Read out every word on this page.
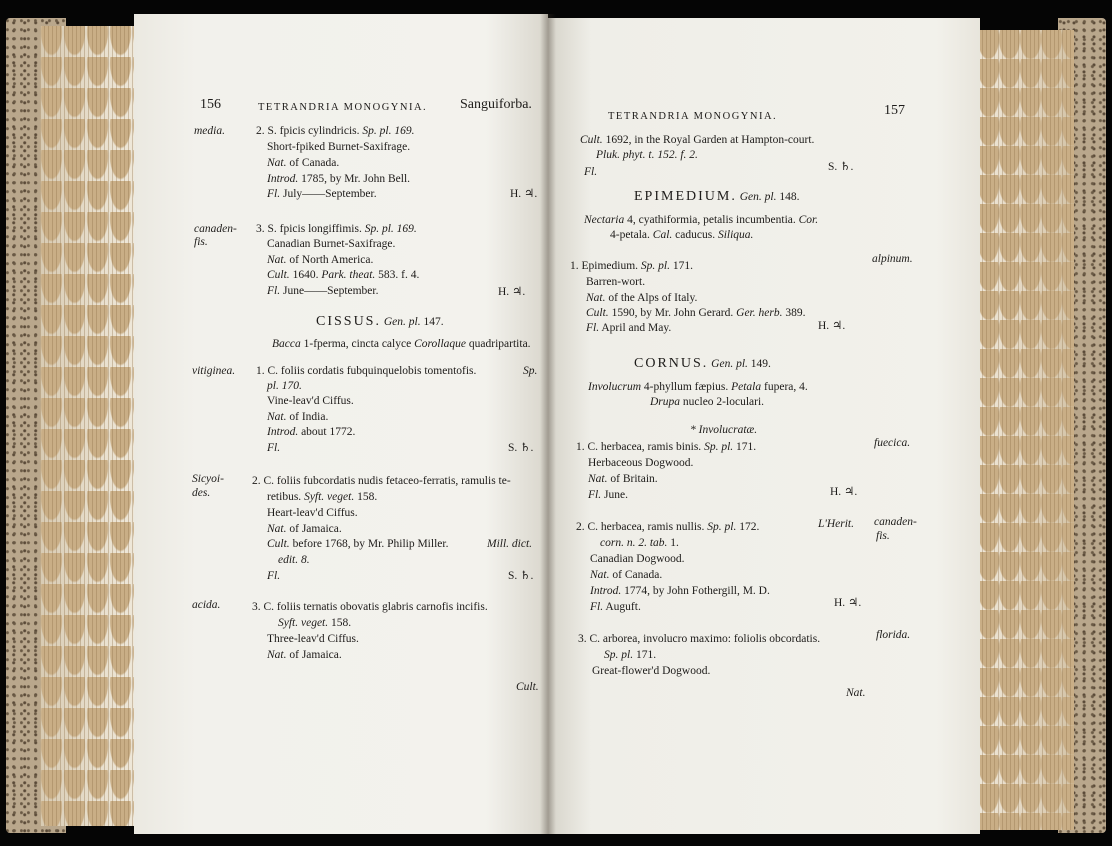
156	TETRANDRIA MONOGYNIA. Sanguiforba.
media.	2. S. fpicis cylindricis. Sp. pl. 169.
Short-fpiked Burnet-Saxifrage.
Nat. of Canada.
Introd. 1785, by Mr. John Bell.
Fl. July——September.	H. ♃.
canaden-
fis.
3. S. fpicis longiffimis. Sp. pl. 169.
Canadian Burnet-Saxifrage.
Nat. of North America.
Cult. 1640. Park. theat. 583. f. 4.
Fl. June——September.	H. ♃.
CISSUS. Gen. pl. 147.
Bacca 1-fperma, cincta calyce Corollaque quadripartita.
vitiginea. 1. C. foliis cordatis fubquinquelobis tomentofis.	Sp.
pl. 170.
Vine-leav'd Ciffus.
Nat. of India.
Introd. about 1772.
Fl.	S. ♄.
Sicyoi-
des.
2. C. foliis fubcordatis nudis fetaceo-ferratis, ramulis te-
retibus. Syft. veget. 158.
Heart-leav'd Ciffus.
Nat. of Jamaica.
Cult. before 1768, by Mr. Philip Miller.	Mill. dict.
edit. 8.
Fl.	S. ♄.
acida.	3. C. foliis ternatis obovatis glabris carnofis incifis.
Syft. veget. 158.
Three-leav'd Ciffus.
Nat. of Jamaica.
Cult.
TETRANDRIA MONOGYNIA.	157
Cult. 1692, in the Royal Garden at Hampton-court.
Pluk. phyt. t. 152. f. 2.
Fl.	S. ♄.
EPIMEDIUM. Gen. pl. 148.
Nectaria 4, cyathiformia, petalis incumbentia. Cor.
4-petala. Cal. caducus. Siliqua.
1. Epimedium. Sp. pl. 171.
alpinum.
Barren-wort.
Nat. of the Alps of Italy.
Cult. 1590, by Mr. John Gerard. Ger. herb. 389.
Fl. April and May.	H. ♃.
CORNUS. Gen. pl. 149.
Involucrum 4-phyllum fæpius. Petala fupera, 4.
Drupa nucleo 2-loculari.
* Involucratæ.
1. C. herbacea, ramis binis. Sp. pl. 171.	fuecica.
Herbaceous Dogwood.
Nat. of Britain.
Fl. June.	H. ♃.
2. C. herbacea, ramis nullis. Sp. pl. 172.	L'Herit. canaden-
fis.
corn. n. 2. tab. 1.
Canadian Dogwood.
Nat. of Canada.
Introd. 1774, by John Fothergill, M. D.
Fl. Auguft.	H. ♃.
3. C. arborea, involucro maximo: foliolis obcordatis.	florida.
Sp. pl. 171.
Great-flower'd Dogwood.
Nat.
